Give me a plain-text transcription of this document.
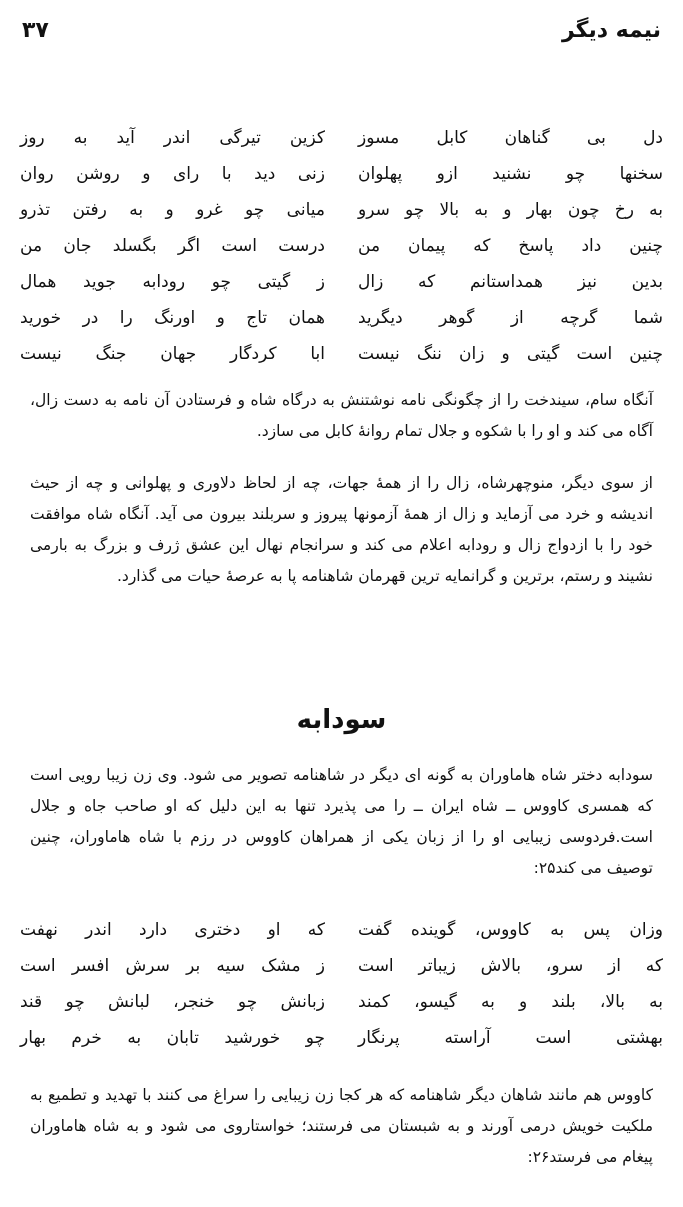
نیمه دیگر
۳۷
دل بی گناهان کابل مسوز
کزین تیرگی اندر آید به روز
سخنها چو نشنید ازو پهلوان
زنی دید با رای و روشن روان
به رخ چون بهار و به بالا چو سرو
میانی چو غرو و به رفتن تذرو
چنین داد پاسخ که پیمان من
درست است اگر بگسلد جان من
بدین نیز همداستانم که زال
ز گیتی چو رودابه جوید همال
شما گرچه از گوهر دیگرید
همان تاج و اورنگ را در خورید
چنین است گیتی و زان ننگ نیست
ابا کردگار جهان جنگ نیست

آنگاه سام، سیندخت را از چگونگی نامه نوشتنش به درگاه شاه و فرستادن آن نامه به دست زال، آگاه می کند و او را با شکوه و جلال تمام روانهٔ کابل می سازد.

از سوی دیگر، منوچهرشاه، زال را از همهٔ جهات، چه از لحاظ دلاوری و پهلوانی و چه از حیث اندیشه و خرد می آزماید و زال از همهٔ آزمونها پیروز و سربلند بیرون می آید. آنگاه شاه موافقت خود را با ازدواج زال و رودابه اعلام می کند و سرانجام نهال این عشق ژرف و بزرگ به بارمی نشیند و رستم، برترین و گرانمایه ترین قهرمان شاهنامه پا به عرصهٔ حیات می گذارد.

سودابه

سودابه دختر شاه هاماوران به گونه ای دیگر در شاهنامه تصویر می شود. وی زن زیبا رویی است که همسری کاووس ــ شاه ایران ــ را می پذیرد تنها به این دلیل که او صاحب جاه و جلال است.فردوسی زیبایی او را از زبان یکی از همراهان کاووس در رزم با شاه هاماوران، چنین توصیف می کند۲۵:

وزان پس به کاووس، گوینده گفت
که او دختری دارد اندر نهفت
که از سرو، بالاش زیباتر است
ز مشک سیه بر سرش افسر است
به بالا، بلند و به گیسو، کمند
زبانش چو خنجر، لبانش چو قند
بهشتی است آراسته پرنگار
چو خورشید تابان به خرم بهار

کاووس هم مانند شاهان دیگر شاهنامه که هر کجا زن زیبایی را سراغ می کنند با تهدید و تطمیع به ملکیت خویش درمی آورند و به شبستان می فرستند؛ خواستاروی می شود و به شاه هاماوران پیغام می فرستد۲۶:
